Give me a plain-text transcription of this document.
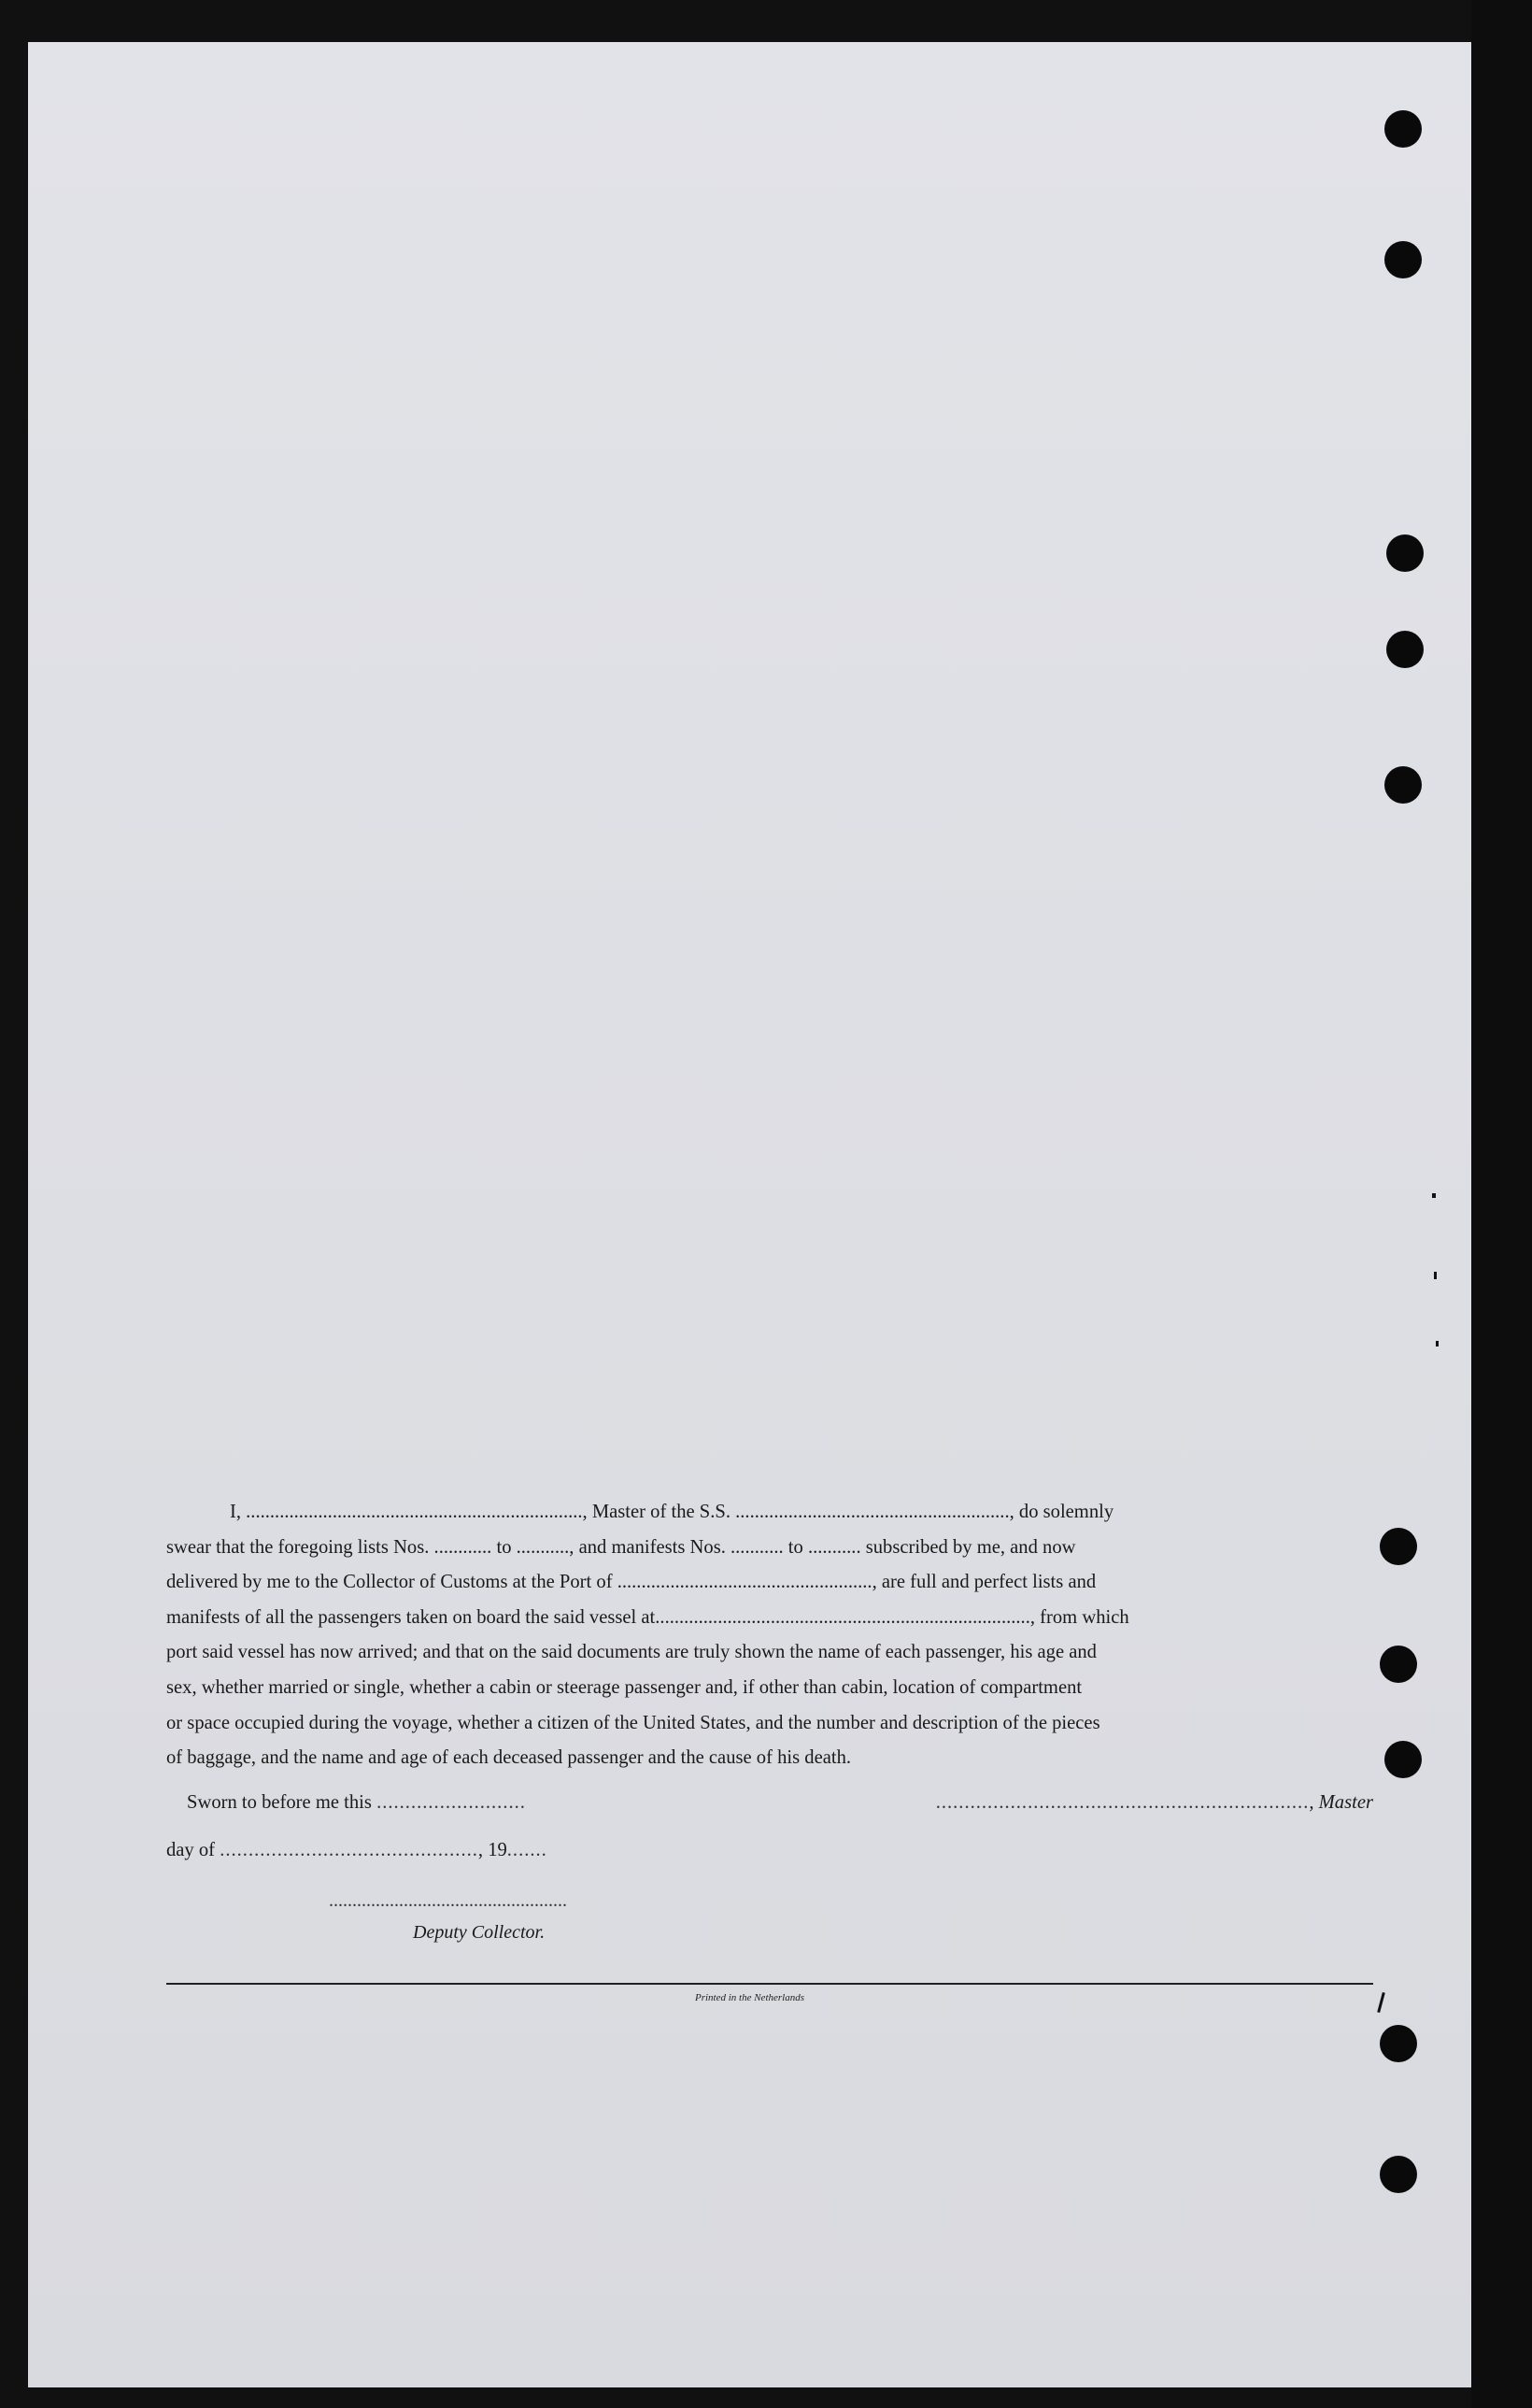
I, ......................................................................, Master of the S.S. ........................................................., do solemnly

swear that the foregoing lists Nos. ............ to ..........., and manifests Nos. ........... to ........... subscribed by me, and now
delivered by me to the Collector of Customs at the Port of ....................................................., are full and perfect lists and
manifests of all the passengers taken on board the said vessel at.............................................................................., from which
port said vessel has now arrived; and that on the said documents are truly shown the name of each passenger, his age and
sex, whether married or single, whether a cabin or steerage passenger and, if other than cabin, location of compartment
or space occupied during the voyage, whether a citizen of the United States, and the number and description of the pieces
of baggage, and the name and age of each deceased passenger and the cause of his death.
Sworn to before me this ..........................	................................................................., Master
day of ............................................., 19.......
...................................................
Deputy Collector.
Printed in the Netherlands
